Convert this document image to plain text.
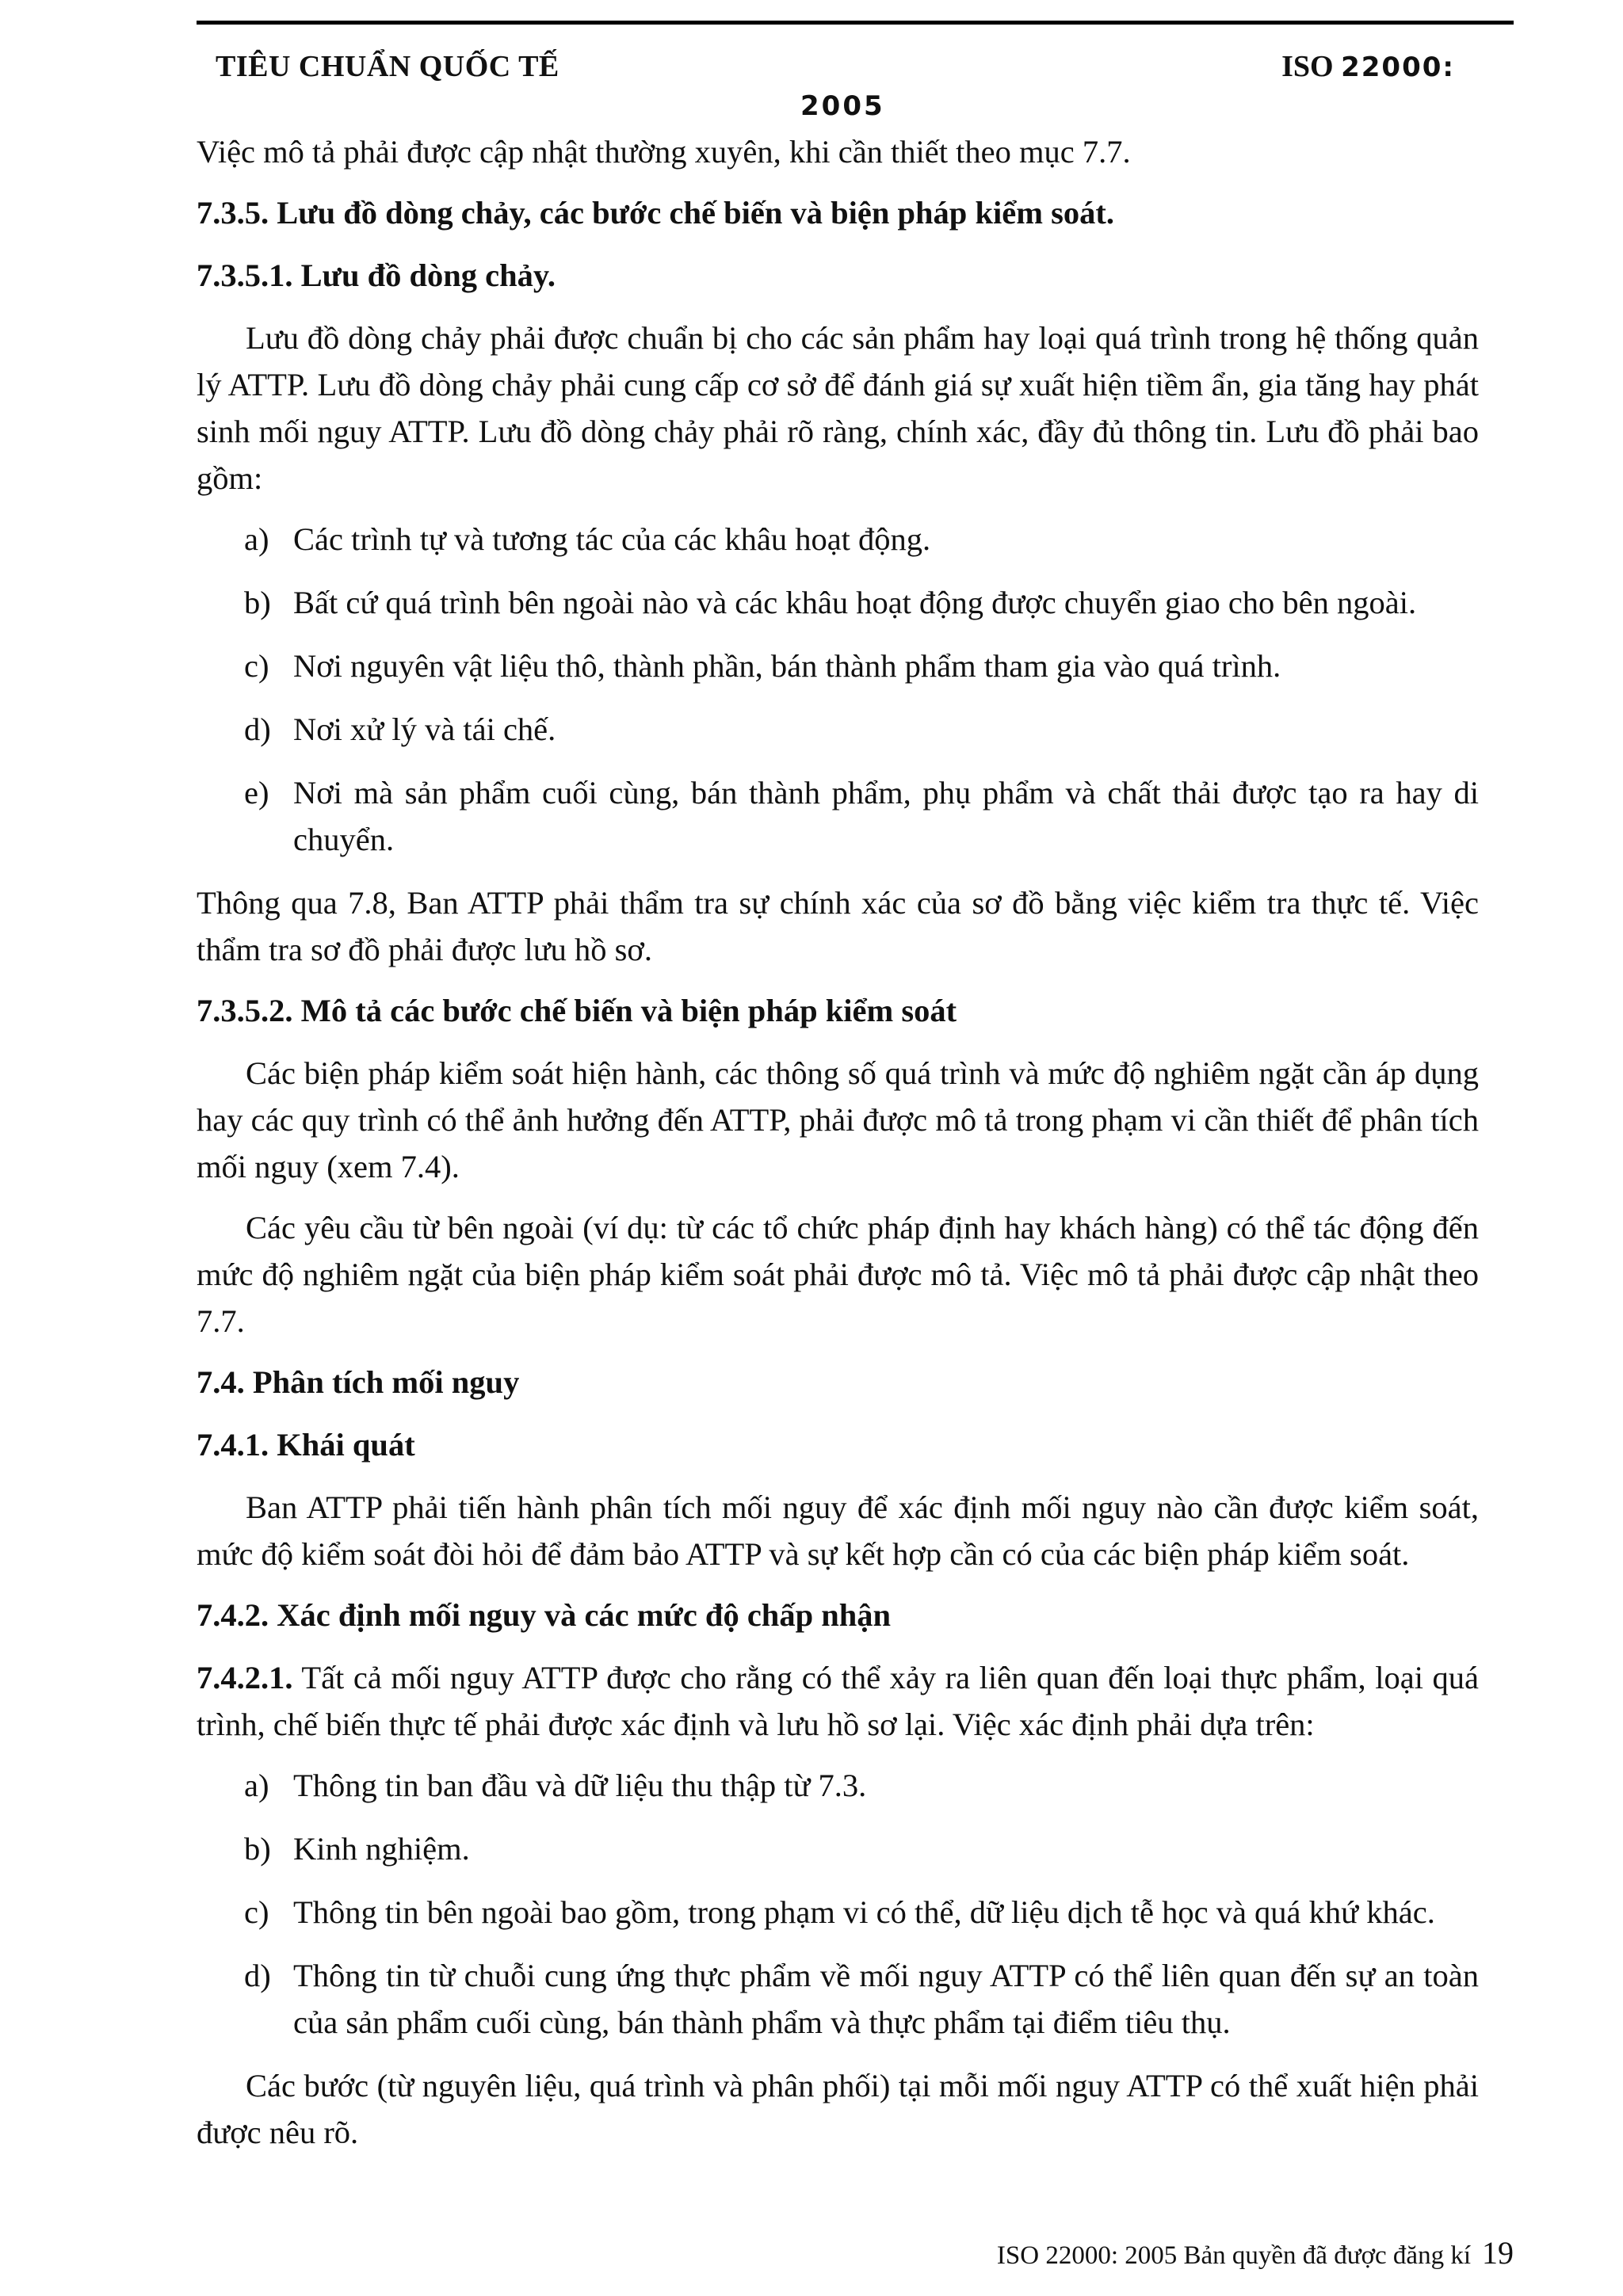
TIÊU CHUẨN QUỐC TẾ	ISO 22000:
2005

Việc mô tả phải được cập nhật thường xuyên, khi cần thiết theo mục 7.7.

7.3.5. Lưu đồ dòng chảy, các bước chế biến và biện pháp kiểm soát.

7.3.5.1. Lưu đồ dòng chảy.

Lưu đồ dòng chảy phải được chuẩn bị cho các sản phẩm hay loại quá trình trong hệ thống quản lý ATTP. Lưu đồ dòng chảy phải cung cấp cơ sở để đánh giá sự xuất hiện tiềm ẩn, gia tăng hay phát sinh mối nguy ATTP. Lưu đồ dòng chảy phải rõ ràng, chính xác, đầy đủ thông tin. Lưu đồ phải bao gồm:

a) Các trình tự và tương tác của các khâu hoạt động.
b) Bất cứ quá trình bên ngoài nào và các khâu hoạt động được chuyển giao cho bên ngoài.
c) Nơi nguyên vật liệu thô, thành phần, bán thành phẩm tham gia vào quá trình.
d) Nơi xử lý và tái chế.
e) Nơi mà sản phẩm cuối cùng, bán thành phẩm, phụ phẩm và chất thải được tạo ra hay di chuyển.

Thông qua 7.8, Ban ATTP phải thẩm tra sự chính xác của sơ đồ bằng việc kiểm tra thực tế. Việc thẩm tra sơ đồ phải được lưu hồ sơ.

7.3.5.2. Mô tả các bước chế biến và biện pháp kiểm soát

Các biện pháp kiểm soát hiện hành, các thông số quá trình và mức độ nghiêm ngặt cần áp dụng hay các quy trình có thể ảnh hưởng đến ATTP, phải được mô tả trong phạm vi cần thiết để phân tích mối nguy (xem 7.4).

Các yêu cầu từ bên ngoài (ví dụ: từ các tổ chức pháp định hay khách hàng) có thể tác động đến mức độ nghiêm ngặt của biện pháp kiểm soát phải được mô tả. Việc mô tả phải được cập nhật theo 7.7.

7.4. Phân tích mối nguy

7.4.1. Khái quát

Ban ATTP phải tiến hành phân tích mối nguy để xác định mối nguy nào cần được kiểm soát, mức độ kiểm soát đòi hỏi để đảm bảo ATTP và sự kết hợp cần có của các biện pháp kiểm soát.

7.4.2. Xác định mối nguy và các mức độ chấp nhận

7.4.2.1. Tất cả mối nguy ATTP được cho rằng có thể xảy ra liên quan đến loại thực phẩm, loại quá trình, chế biến thực tế phải được xác định và lưu hồ sơ lại. Việc xác định phải dựa trên:

a) Thông tin ban đầu và dữ liệu thu thập từ 7.3.
b) Kinh nghiệm.
c) Thông tin bên ngoài bao gồm, trong phạm vi có thể, dữ liệu dịch tễ học và quá khứ khác.
d) Thông tin từ chuỗi cung ứng thực phẩm về mối nguy ATTP có thể liên quan đến sự an toàn của sản phẩm cuối cùng, bán thành phẩm và thực phẩm tại điểm tiêu thụ.

Các bước (từ nguyên liệu, quá trình và phân phối) tại mỗi mối nguy ATTP có thể xuất hiện phải được nêu rõ.

ISO 22000: 2005 Bản quyền đã được đăng kí 19
